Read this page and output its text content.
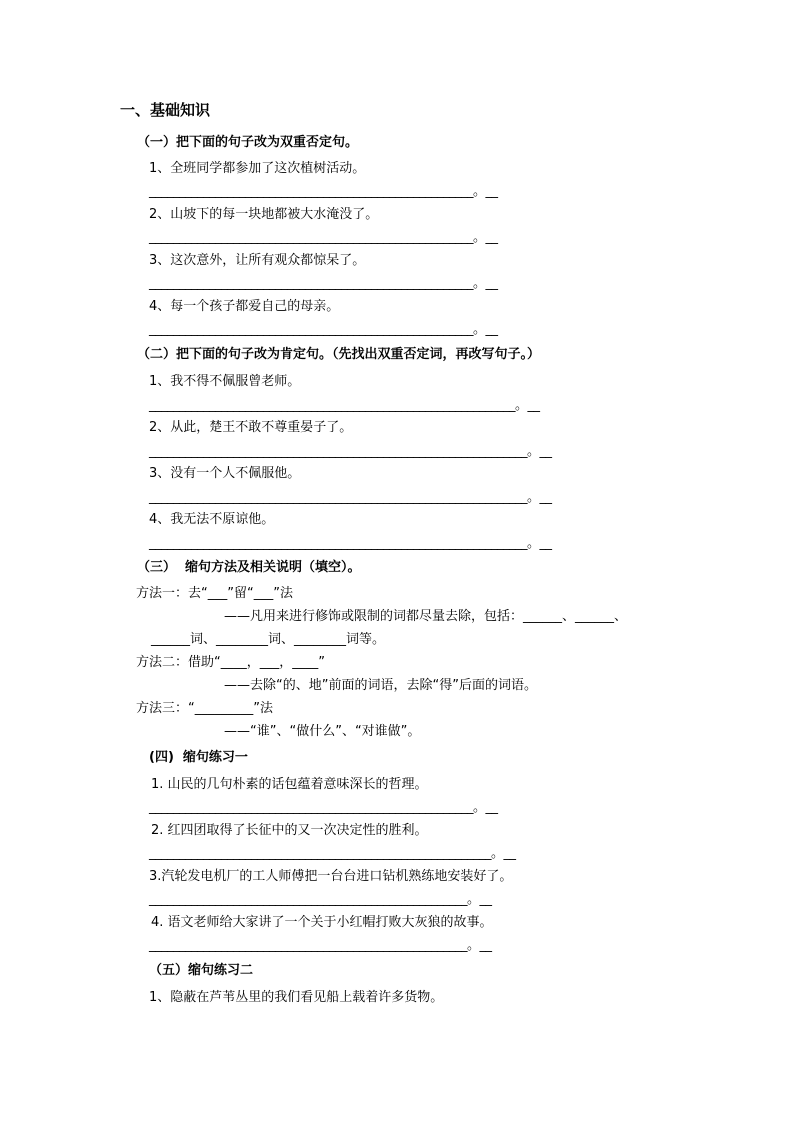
一、基础知识
（一）把下面的句子改为双重否定句。
1、全班同学都参加了这次植树活动。
______________________________________________________。__
2、山坡下的每一块地都被大水淹没了。
______________________________________________________。__
3、这次意外，让所有观众都惊呆了。
______________________________________________________。__
4、每一个孩子都爱自己的母亲。
______________________________________________________。__
（二）把下面的句子改为肯定句。（先找出双重否定词，再改写句子。）
1、我不得不佩服曾老师。
_____________________________________________________________。__
2、从此，楚王不敢不尊重晏子了。
_______________________________________________________________。__
3、没有一个人不佩服他。
_______________________________________________________________。__
4、我无法不原谅他。
_______________________________________________________________。__
（三）  缩句方法及相关说明（填空）。
方法一：去“___”留“___”法
——凡用来进行修饰或限制的词都尽量去除，包括：______、______、
______词、________词、________词等。
方法二：借助“____，___，____”
——去除“的、地”前面的词语，去除“得”后面的词语。
方法三：“_________”法
——“谁”、“做什么”、“对谁做”。
(四)  缩句练习一
1. 山民的几句朴素的话包蕴着意味深长的哲理。
______________________________________________________。__
2. 红四团取得了长征中的又一次决定性的胜利。
_________________________________________________________。__
3.汽轮发电机厂的工人师傅把一台台进口钻机熟练地安装好了。
_____________________________________________________。__
4. 语文老师给大家讲了一个关于小红帽打败大灰狼的故事。
_____________________________________________________。__
（五）缩句练习二
1、隐蔽在芦苇丛里的我们看见船上载着许多货物。
